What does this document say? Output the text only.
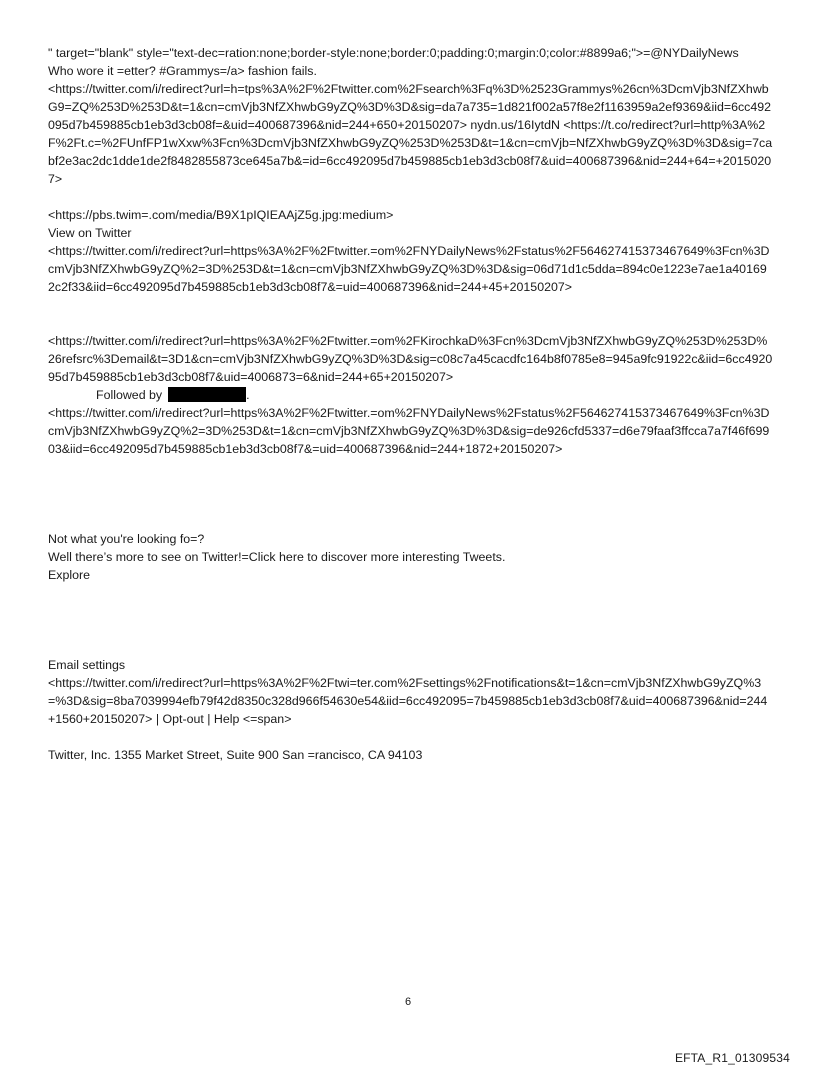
" target="blank" style="text-dec=ration:none;border-style:none;border:0;padding:0;margin:0;color:#8899a6;">=@NYDailyNews

Who wore it =etter? #Grammys=/a> fashion fails.

<https://twitter.com/i/redirect?url=h=tps%3A%2F%2Ftwitter.com%2Fsearch%3Fq%3D%2523Grammys%26cn%3DcmVjb3NfZXhwbG9=ZQ%253D%253D&t=1&cn=cmVjb3NfZXhwbG9yZQ%3D%3D&sig=da7a735=1d821f002a57f8e2f1163959a2ef9369&iid=6cc492095d7b459885cb1eb3d3cb08f=&uid=400687396&nid=244+650+20150207> nydn.us/16IytdN <https://t.co/redirect?url=http%3A%2F%2Ft.c=%2FUnfFP1wXxw%3Fcn%3DcmVjb3NfZXhwbG9yZQ%253D%253D&t=1&cn=cmVjb=NfZXhwbG9yZQ%3D%3D&sig=7cabf2e3ac2dc1dde1de2f8482855873ce645a7b&=id=6cc492095d7b459885cb1eb3d3cb08f7&uid=400687396&nid=244+64=+20150207>

<https://pbs.twim=.com/media/B9X1pIQIEAAjZ5g.jpg:medium>

View on Twitter

<https://twitter.com/i/redirect?url=https%3A%2F%2Ftwitter.=om%2FNYDailyNews%2Fstatus%2F564627415373467649%3Fcn%3DcmVjb3NfZXhwbG9yZQ%2=3D%253D&t=1&cn=cmVjb3NfZXhwbG9yZQ%3D%3D&sig=06d71d1c5dda=894c0e1223e7ae1a401692c2f33&iid=6cc492095d7b459885cb1eb3d3cb08f7&=uid=400687396&nid=244+45+20150207>

<https://twitter.com/i/redirect?url=https%3A%2F%2Ftwitter.=om%2FKirochkaD%3Fcn%3DcmVjb3NfZXhwbG9yZQ%253D%253D%26refsrc%3Demail&t=3D1&cn=cmVjb3NfZXhwbG9yZQ%3D%3D&sig=c08c7a45cacdfc164b8f0785e8=945a9fc91922c&iid=6cc492095d7b459885cb1eb3d3cb08f7&uid=4006873=6&nid=244+65+20150207>

Followed by	.

<https://twitter.com/i/redirect?url=https%3A%2F%2Ftwitter.=om%2FNYDailyNews%2Fstatus%2F564627415373467649%3Fcn%3DcmVjb3NfZXhwbG9yZQ%2=3D%253D&t=1&cn=cmVjb3NfZXhwbG9yZQ%3D%3D&sig=de926cfd5337=d6e79faaf3ffcca7a7f46f69903&iid=6cc492095d7b459885cb1eb3d3cb08f7&=uid=400687396&nid=244+1872+20150207>

Not what you're looking fo=?

Well there’s more to see on Twitter!=Click here to discover more interesting Tweets.

Explore

Email settings

<https://twitter.com/i/redirect?url=https%3A%2F%2Ftwi=ter.com%2Fsettings%2Fnotifications&t=1&cn=cmVjb3NfZXhwbG9yZQ%3=%3D&sig=8ba7039994efb79f42d8350c328d966f54630e54&iid=6cc492095=7b459885cb1eb3d3cb08f7&uid=400687396&nid=244+1560+20150207> | Opt-out | Help <=span>

Twitter, Inc. 1355 Market Street, Suite 900 San =rancisco, CA 94103

6
EFTA_R1_01309534
